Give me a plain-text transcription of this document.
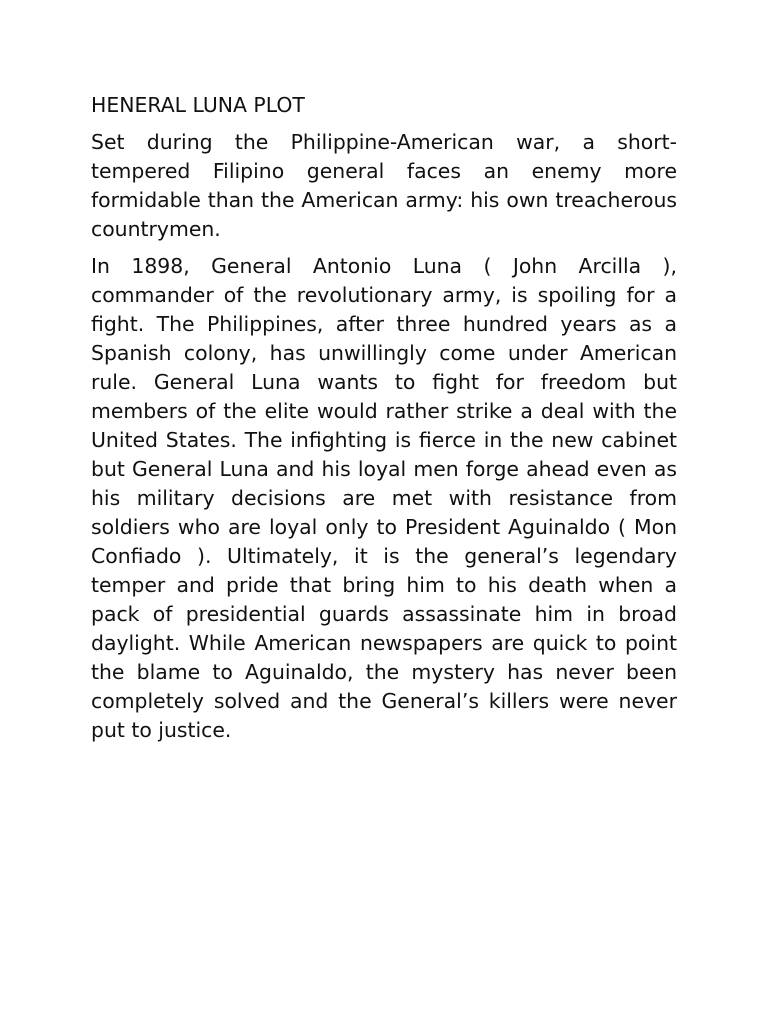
HENERAL LUNA PLOT

Set during the Philippine-American war, a short-tempered Filipino general faces an enemy more formidable than the American army: his own treacherous countrymen.

In 1898, General Antonio Luna ( John Arcilla ), commander of the revolutionary army, is spoiling for a fight. The Philippines, after three hundred years as a Spanish colony, has unwillingly come under American rule. General Luna wants to fight for freedom but members of the elite would rather strike a deal with the United States. The infighting is fierce in the new cabinet but General Luna and his loyal men forge ahead even as his military decisions are met with resistance from soldiers who are loyal only to President Aguinaldo ( Mon Confiado ). Ultimately, it is the general’s legendary temper and pride that bring him to his death when a pack of presidential guards assassinate him in broad daylight. While American newspapers are quick to point the blame to Aguinaldo, the mystery has never been completely solved and the General’s killers were never put to justice.
